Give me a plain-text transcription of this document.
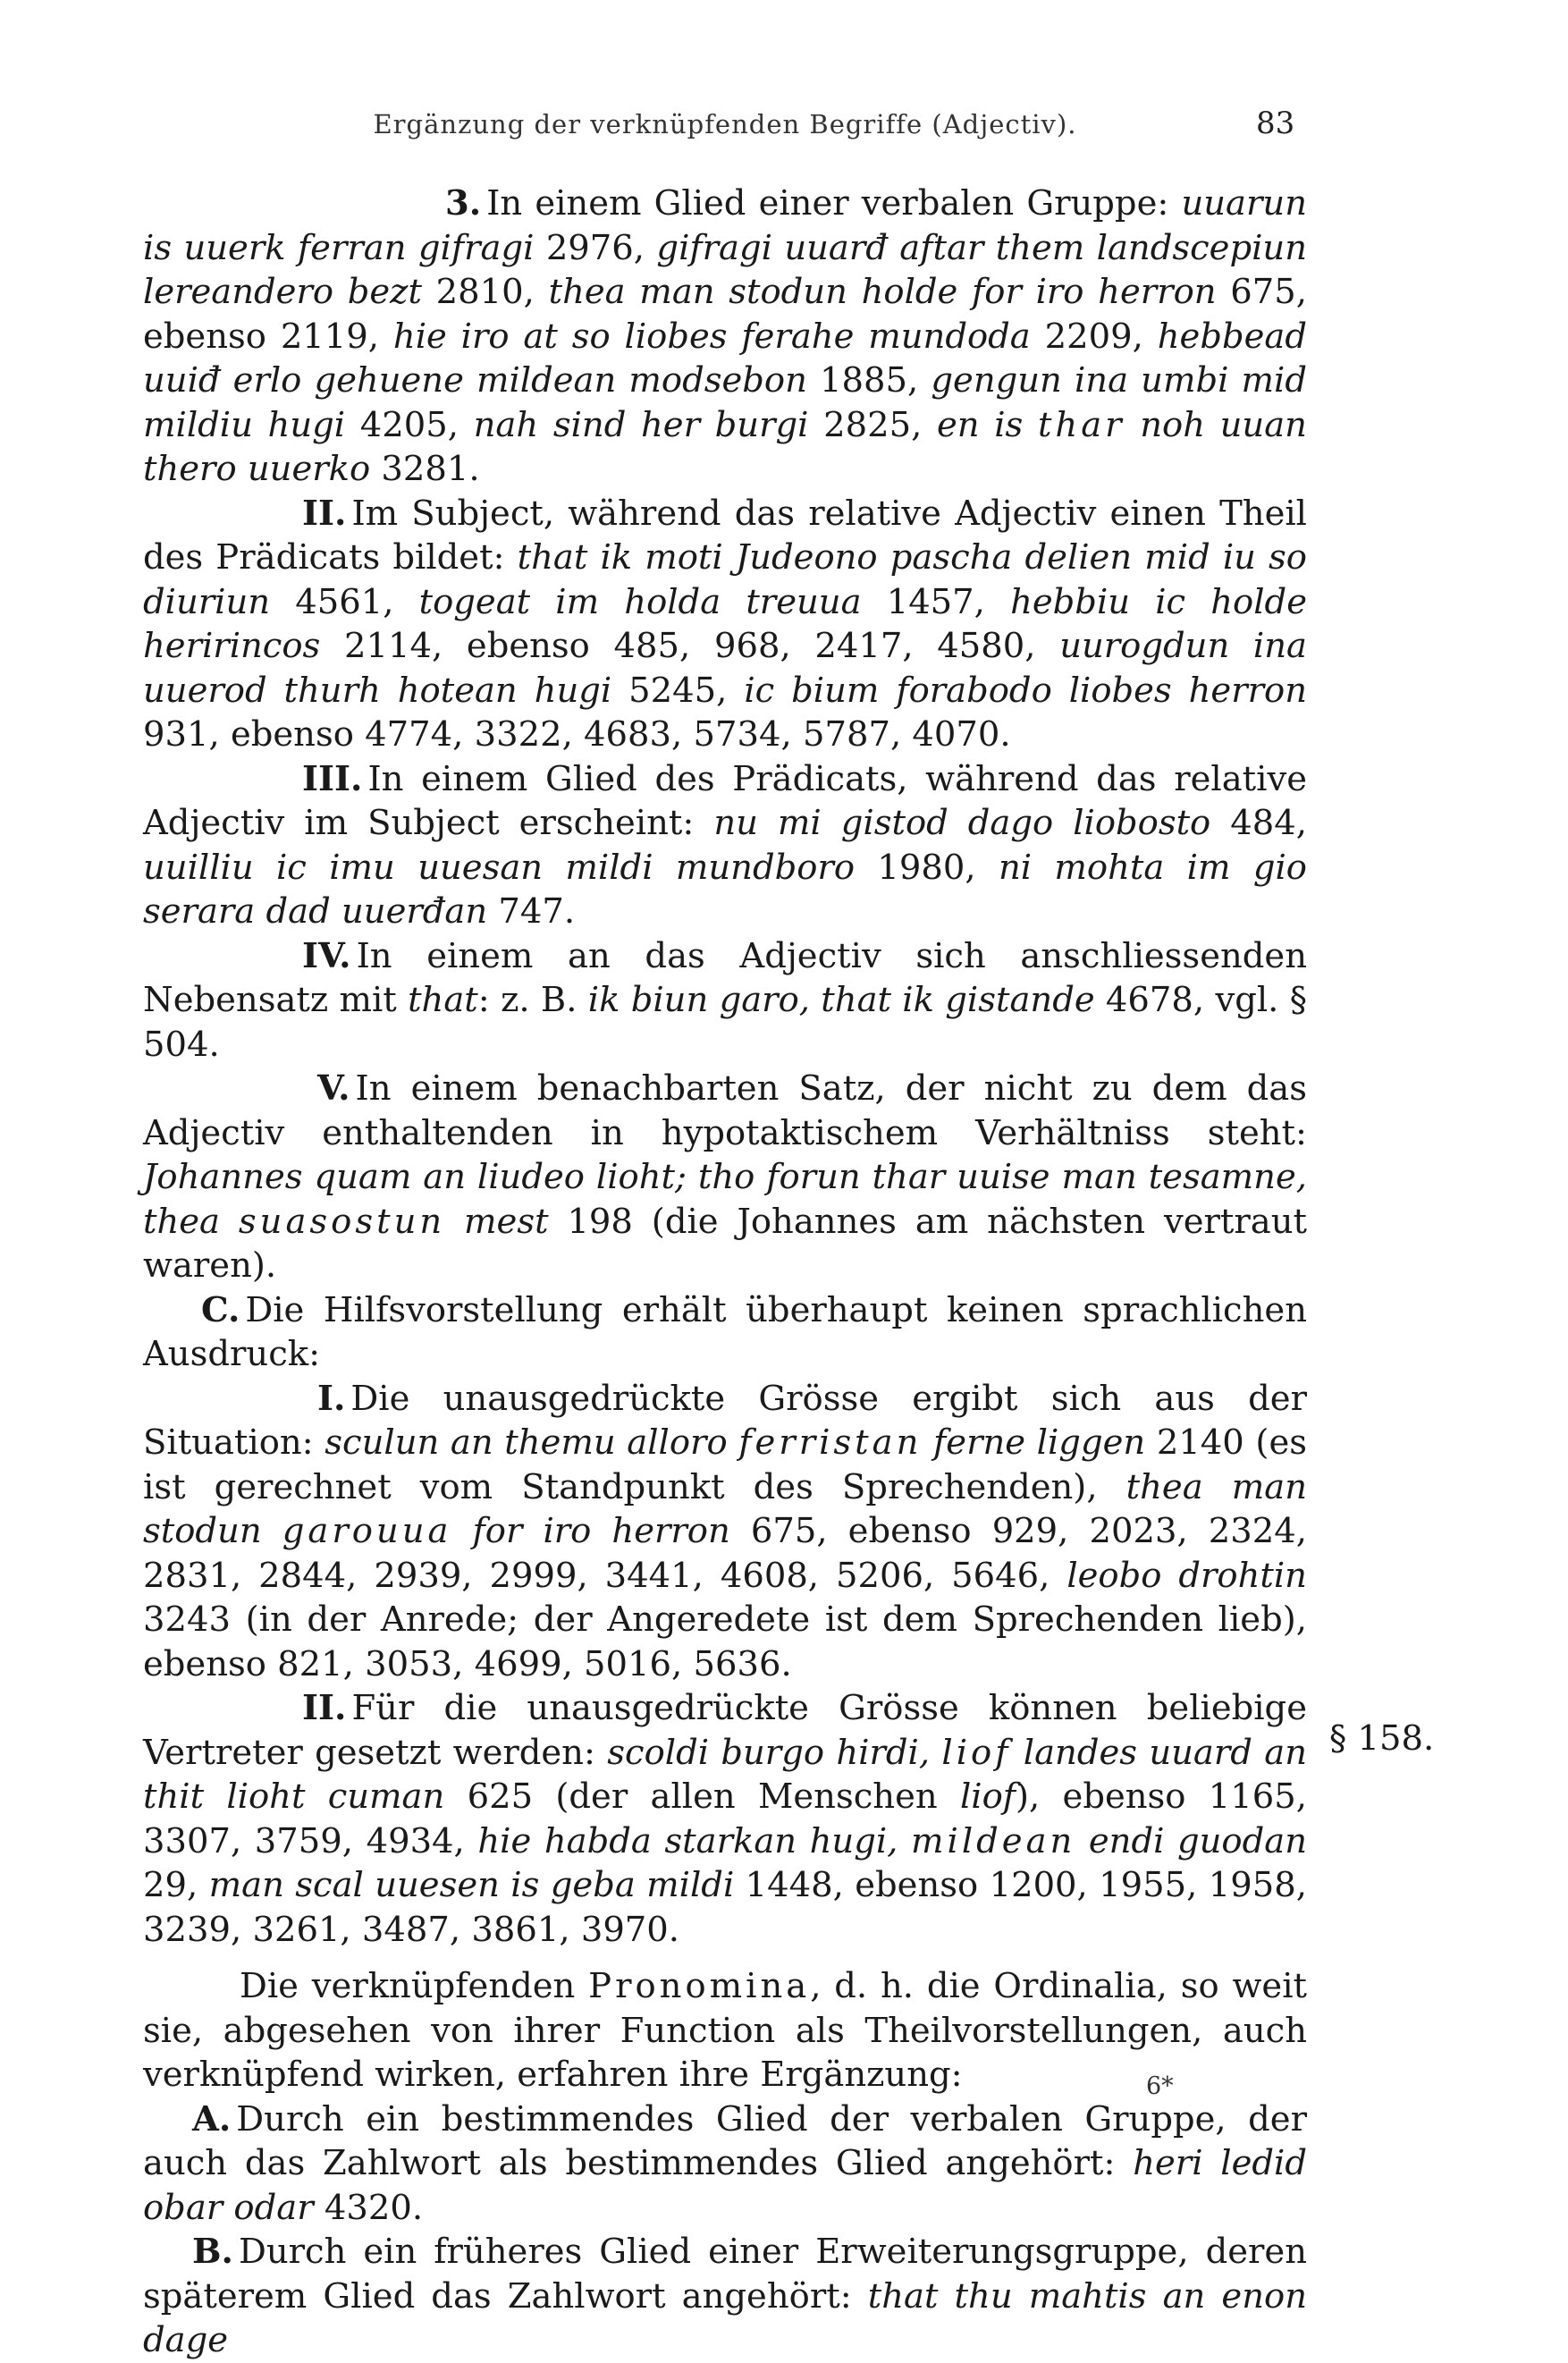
Ergänzung der verknüpfenden Begriffe (Adjectiv).	83

3. In einem Glied einer verbalen Gruppe: uuarun is uuerk ferran gifragi 2976, gifragi uuarđ aftar them landscepiun lereandero bezt 2810, thea man stodun holde for iro herron 675, ebenso 2119, hie iro at so liobes ferahe mundoda 2209, hebbead uuiđ erlo gehuene mildean modsebon 1885, gengun ina umbi mid mildiu hugi 4205, nah sind her burgi 2825, en is thar noh uuan thero uuerko 3281.

II. Im Subject, während das relative Adjectiv einen Theil des Prädicats bildet: that ik moti Judeono pascha delien mid iu so diuriun 4561, togeat im holda treuua 1457, hebbiu ic holde heririncos 2114, ebenso 485, 968, 2417, 4580, uurogdun ina uuerod thurh hotean hugi 5245, ic bium forabodo liobes herron 931, ebenso 4774, 3322, 4683, 5734, 5787, 4070.

III. In einem Glied des Prädicats, während das relative Adjectiv im Subject erscheint: nu mi gistod dago liobosto 484, uuilliu ic imu uuesan mildi mundboro 1980, ni mohta im gio serara dad uuerđan 747.

IV. In einem an das Adjectiv sich anschliessenden Nebensatz mit that: z. B. ik biun garo, that ik gistande 4678, vgl. § 504.

V. In einem benachbarten Satz, der nicht zu dem das Adjectiv enthaltenden in hypotaktischem Verhältniss steht: Johannes quam an liudeo lioht; tho forun thar uuise man tesamne, thea suasostun mest 198 (die Johannes am nächsten vertraut waren).

C. Die Hilfsvorstellung erhält überhaupt keinen sprachlichen Ausdruck:

I. Die unausgedrückte Grösse ergibt sich aus der Situation: sculun an themu alloro ferristan ferne liggen 2140 (es ist gerechnet vom Standpunkt des Sprechenden), thea man stodun garouua for iro herron 675, ebenso 929, 2023, 2324, 2831, 2844, 2939, 2999, 3441, 4608, 5206, 5646, leobo drohtin 3243 (in der Anrede; der Angeredete ist dem Sprechenden lieb), ebenso 821, 3053, 4699, 5016, 5636.

II. Für die unausgedrückte Grösse können beliebige Vertreter gesetzt werden: scoldi burgo hirdi, liof landes uuard an thit lioht cuman 625 (der allen Menschen liof), ebenso 1165, 3307, 3759, 4934, hie habda starkan hugi, mildean endi guodan 29, man scal uuesen is geba mildi 1448, ebenso 1200, 1955, 1958, 3239, 3261, 3487, 3861, 3970.

Die verknüpfenden Pronomina, d. h. die Ordinalia, so weit sie, abgesehen von ihrer Function als Theilvorstellungen, auch verknüpfend wirken, erfahren ihre Ergänzung:

A. Durch ein bestimmendes Glied der verbalen Gruppe, der auch das Zahlwort als bestimmendes Glied angehört: heri ledid obar odar 4320.

B. Durch ein früheres Glied einer Erweiterungsgruppe, deren späterem Glied das Zahlwort angehört: that thu mahtis an enon dage

§ 158.
6*
